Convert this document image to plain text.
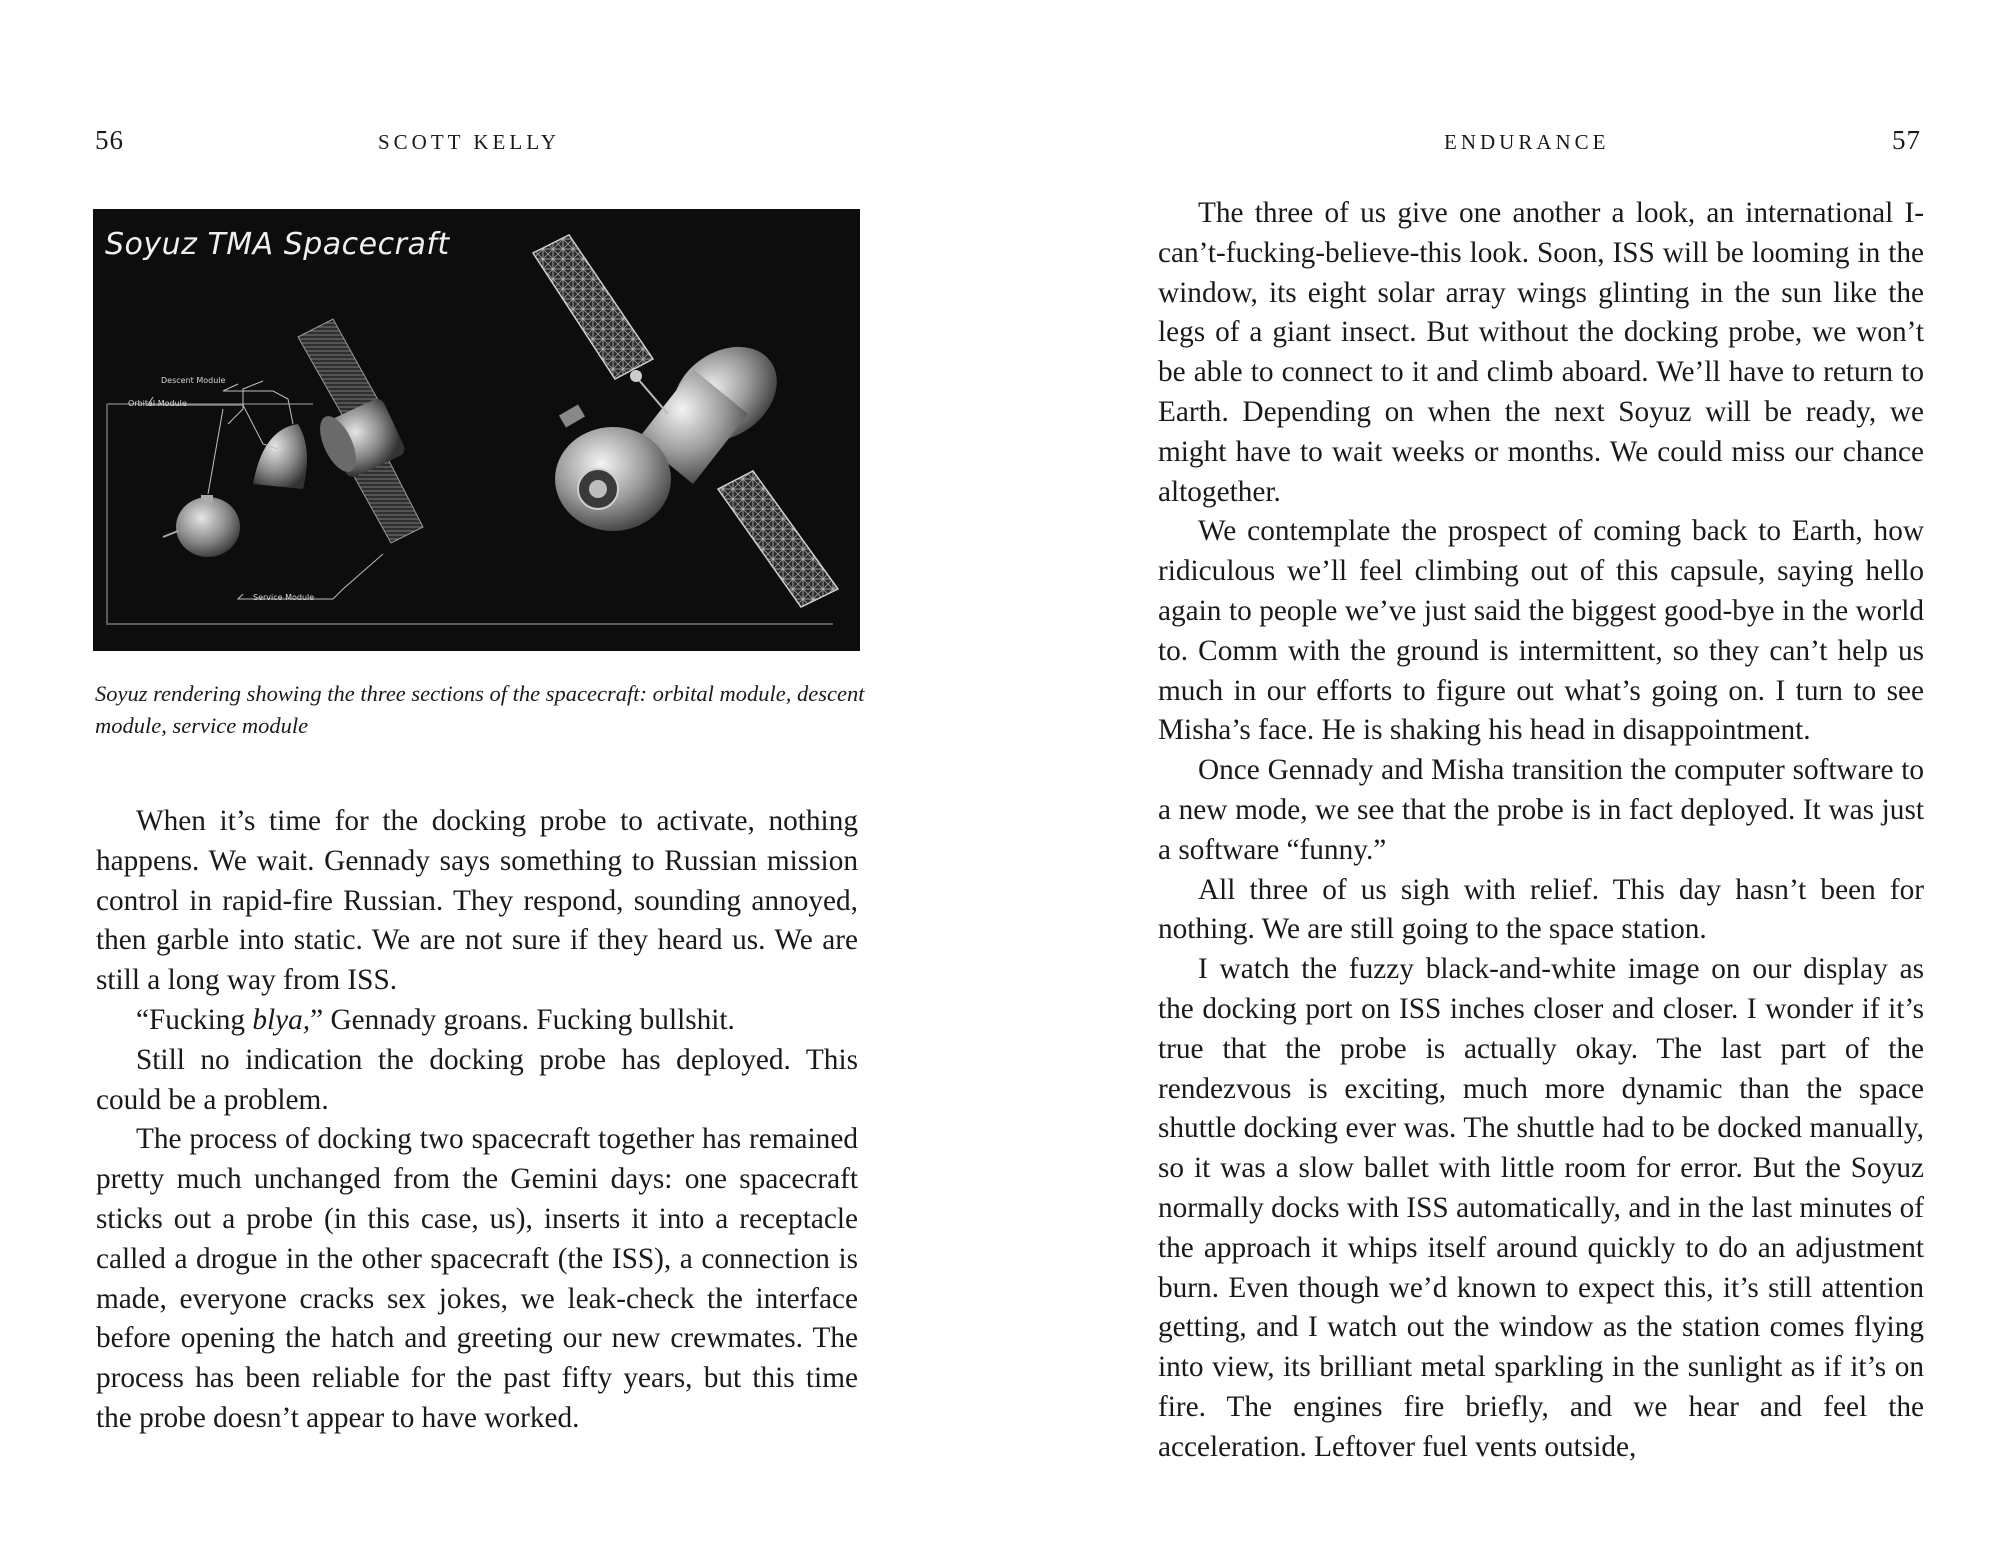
56	SCOTT KELLY
Soyuz TMA Spacecraft
Descent Module
Orbital Module
Service Module
Soyuz rendering showing the three sections of the spacecraft: orbital module, descent module, service module

When it’s time for the docking probe to activate, nothing happens. We wait. Gennady says something to Russian mission control in rapid-fire Russian. They respond, sounding annoyed, then garble into static. We are not sure if they heard us. We are still a long way from ISS.

“Fucking blya,” Gennady groans. Fucking bullshit.

Still no indication the docking probe has deployed. This could be a problem.

The process of docking two spacecraft together has remained pretty much unchanged from the Gemini days: one spacecraft sticks out a probe (in this case, us), inserts it into a receptacle called a drogue in the other spacecraft (the ISS), a connection is made, everyone cracks sex jokes, we leak-check the interface before opening the hatch and greeting our new crewmates. The process has been reliable for the past fifty years, but this time the probe doesn’t appear to have worked.

ENDURANCE	57

The three of us give one another a look, an international I-can’t-fucking-believe-this look. Soon, ISS will be looming in the window, its eight solar array wings glinting in the sun like the legs of a giant insect. But without the docking probe, we won’t be able to connect to it and climb aboard. We’ll have to return to Earth. Depending on when the next Soyuz will be ready, we might have to wait weeks or months. We could miss our chance altogether.

We contemplate the prospect of coming back to Earth, how ridiculous we’ll feel climbing out of this capsule, saying hello again to people we’ve just said the biggest good-bye in the world to. Comm with the ground is intermittent, so they can’t help us much in our efforts to figure out what’s going on. I turn to see Misha’s face. He is shaking his head in disappointment.

Once Gennady and Misha transition the computer software to a new mode, we see that the probe is in fact deployed. It was just a software “funny.”

All three of us sigh with relief. This day hasn’t been for nothing. We are still going to the space station.

I watch the fuzzy black-and-white image on our display as the docking port on ISS inches closer and closer. I wonder if it’s true that the probe is actually okay. The last part of the rendezvous is exciting, much more dynamic than the space shuttle docking ever was. The shuttle had to be docked manually, so it was a slow ballet with little room for error. But the Soyuz normally docks with ISS automatically, and in the last minutes of the approach it whips itself around quickly to do an adjustment burn. Even though we’d known to expect this, it’s still attention getting, and I watch out the window as the station comes flying into view, its brilliant metal sparkling in the sunlight as if it’s on fire. The engines fire briefly, and we hear and feel the acceleration. Leftover fuel vents outside,
